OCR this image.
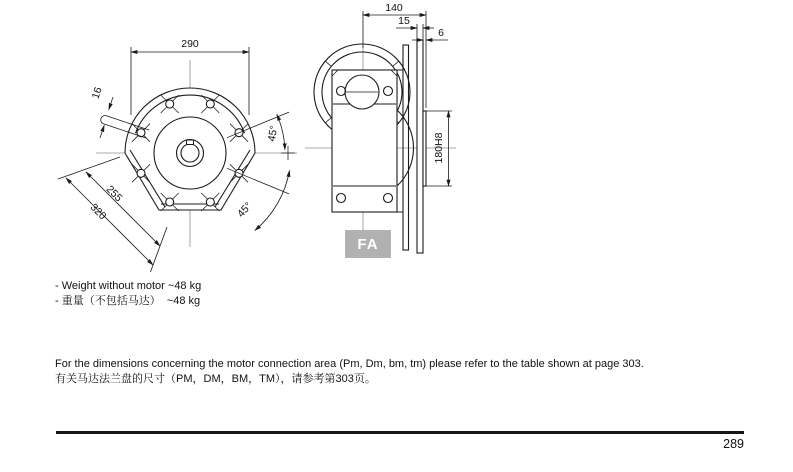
290
16
255
320
45°
45°
140
15
6
180H8
FA
- Weight without motor ~48 kg
- 重量（不包括马达）  ~48 kg
For the dimensions concerning the motor connection area (Pm, Dm, bm, tm) please refer to the table shown at page 303.
有关马达法兰盘的尺寸（PM，DM，BM，TM），请参考第303页。
289
